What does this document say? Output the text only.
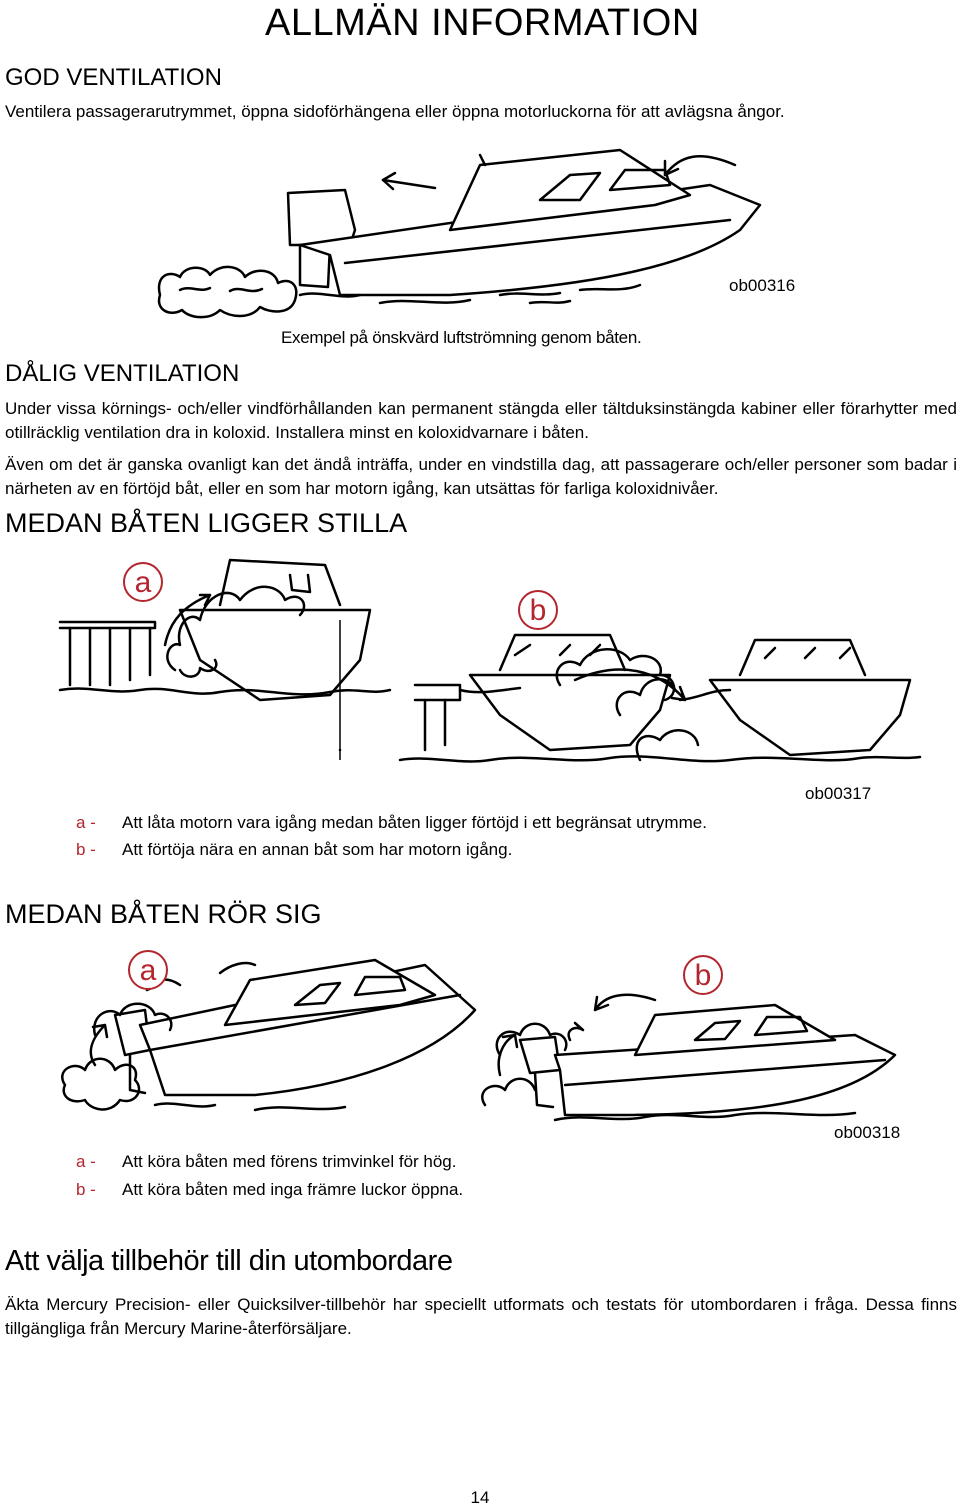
ALLMÄN INFORMATION
GOD VENTILATION
Ventilera passagerarutrymmet, öppna sidoförhängena eller öppna motorluckorna för att avlägsna ångor.
ob00316
Exempel på önskvärd luftströmning genom båten.
DÅLIG VENTILATION
Under vissa körnings- och/eller vindförhållanden kan permanent stängda eller tältduksinstängda kabiner eller förarhytter med otillräcklig ventilation dra in koloxid. Installera minst en koloxidvarnare i båten.
Även om det är ganska ovanligt kan det ändå inträffa, under en vindstilla dag, att passagerare och/eller personer som badar i närheten av en förtöjd båt, eller en som har motorn igång, kan utsättas för farliga koloxidnivåer.
MEDAN BÅTEN LIGGER STILLA
a
b
ob00317
a - Att låta motorn vara igång medan båten ligger förtöjd i ett begränsat utrymme.
b - Att förtöja nära en annan båt som har motorn igång.
MEDAN BÅTEN RÖR SIG
a	b
ob00318
a - Att köra båten med förens trimvinkel för hög.
b - Att köra båten med inga främre luckor öppna.
Att välja tillbehör till din utombordare
Äkta Mercury Precision- eller Quicksilver-tillbehör har speciellt utformats och testats för utombordaren i fråga. Dessa finns tillgängliga från Mercury Marine-återförsäljare.
14
